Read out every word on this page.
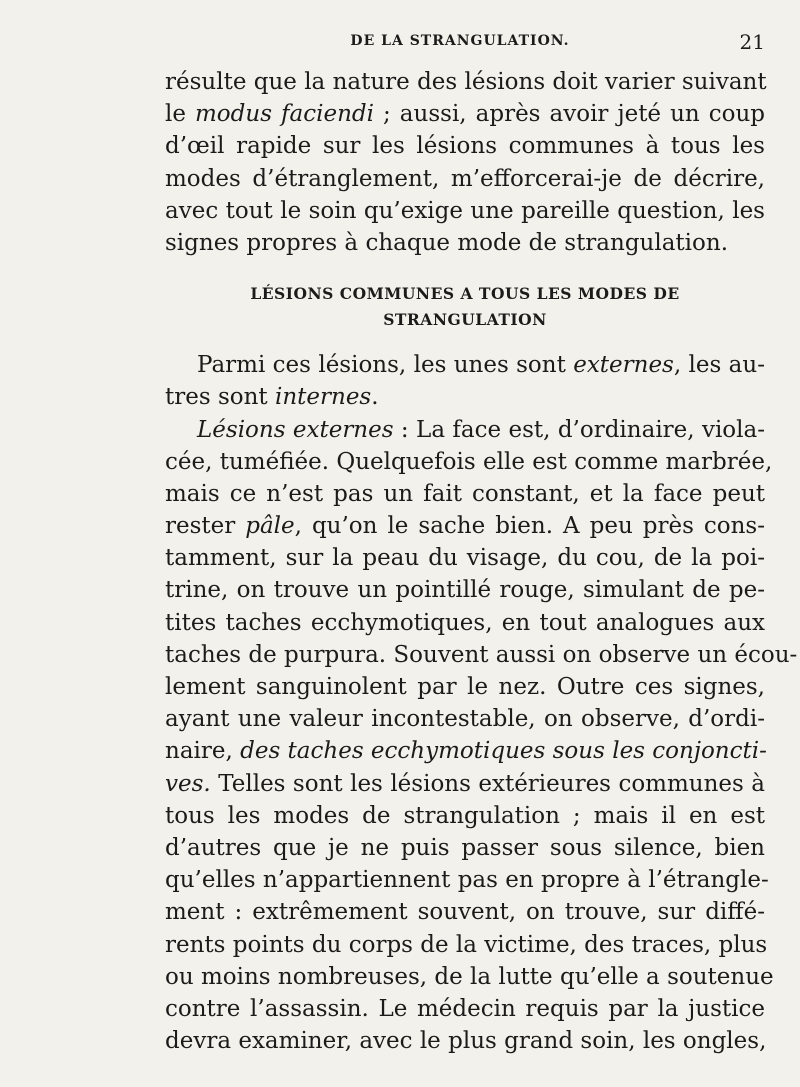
DE LA STRANGULATION.	21
résulte que la nature des lésions doit varier suivant
le modus faciendi ; aussi, après avoir jeté un coup
d’œil rapide sur les lésions communes à tous les
modes d’étranglement, m’efforcerai-je de décrire,
avec tout le soin qu’exige une pareille question, les
signes propres à chaque mode de strangulation.
LÉSIONS COMMUNES A TOUS LES MODES DE
STRANGULATION
Parmi ces lésions, les unes sont externes, les au-
tres sont internes.
Lésions externes : La face est, d’ordinaire, viola-
cée, tuméfiée. Quelquefois elle est comme marbrée,
mais ce n’est pas un fait constant, et la face peut
rester pâle, qu’on le sache bien. A peu près cons-
tamment, sur la peau du visage, du cou, de la poi-
trine, on trouve un pointillé rouge, simulant de pe-
tites taches ecchymotiques, en tout analogues aux
taches de purpura. Souvent aussi on observe un écou-
lement sanguinolent par le nez. Outre ces signes,
ayant une valeur incontestable, on observe, d’ordi-
naire, des taches ecchymotiques sous les conjoncti-
ves. Telles sont les lésions extérieures communes à
tous les modes de strangulation ; mais il en est
d’autres que je ne puis passer sous silence, bien
qu’elles n’appartiennent pas en propre à l’étrangle-
ment : extrêmement souvent, on trouve, sur diffé-
rents points du corps de la victime, des traces, plus
ou moins nombreuses, de la lutte qu’elle a soutenue
contre l’assassin. Le médecin requis par la justice
devra examiner, avec le plus grand soin, les ongles,
